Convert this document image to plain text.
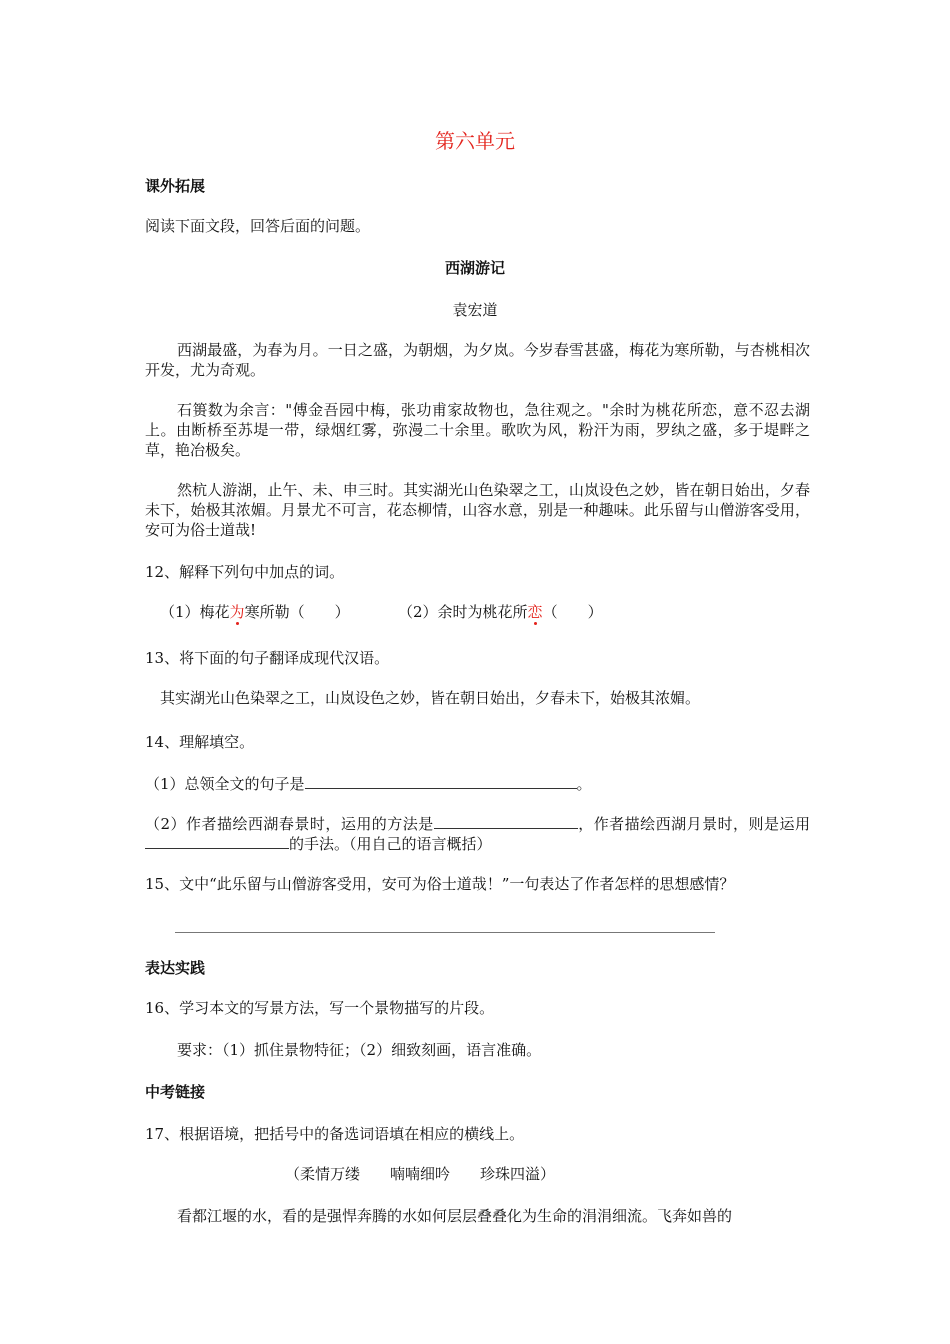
第六单元
课外拓展
阅读下面文段，回答后面的问题。
西湖游记
袁宏道
西湖最盛，为春为月。一日之盛，为朝烟，为夕岚。今岁春雪甚盛，梅花为寒所勒，与杏桃相次开发，尤为奇观。
石篑数为余言："傅金吾园中梅，张功甫家故物也，急往观之。"余时为桃花所恋，意不忍去湖上。由断桥至苏堤一带，绿烟红雾，弥漫二十余里。歌吹为风，粉汗为雨，罗纨之盛，多于堤畔之草，艳冶极矣。
然杭人游湖，止午、未、申三时。其实湖光山色染翠之工，山岚设色之妙，皆在朝日始出，夕春未下，始极其浓媚。月景尤不可言，花态柳情，山容水意，别是一种趣味。此乐留与山僧游客受用，安可为俗士道哉!
12、解释下列句中加点的词。
（1）梅花为寒所勒（　　）	（2）余时为桃花所恋（　　）
13、将下面的句子翻译成现代汉语。
其实湖光山色染翠之工，山岚设色之妙，皆在朝日始出，夕春未下，始极其浓媚。
14、理解填空。
（1）总领全文的句子是	。
（2）作者描绘西湖春景时，运用的方法是	，作者描绘西湖月景时，则是运用的手法。（用自己的语言概括）
15、文中“此乐留与山僧游客受用，安可为俗士道哉！”一句表达了作者怎样的思想感情？
表达实践
16、学习本文的写景方法，写一个景物描写的片段。
要求：（1）抓住景物特征；（2）细致刻画，语言准确。
中考链接
17、根据语境，把括号中的备选词语填在相应的横线上。
（柔情万缕 喃喃细吟 珍珠四溢）
看都江堰的水，看的是强悍奔腾的水如何层层叠叠化为生命的涓涓细流。飞奔如兽的
